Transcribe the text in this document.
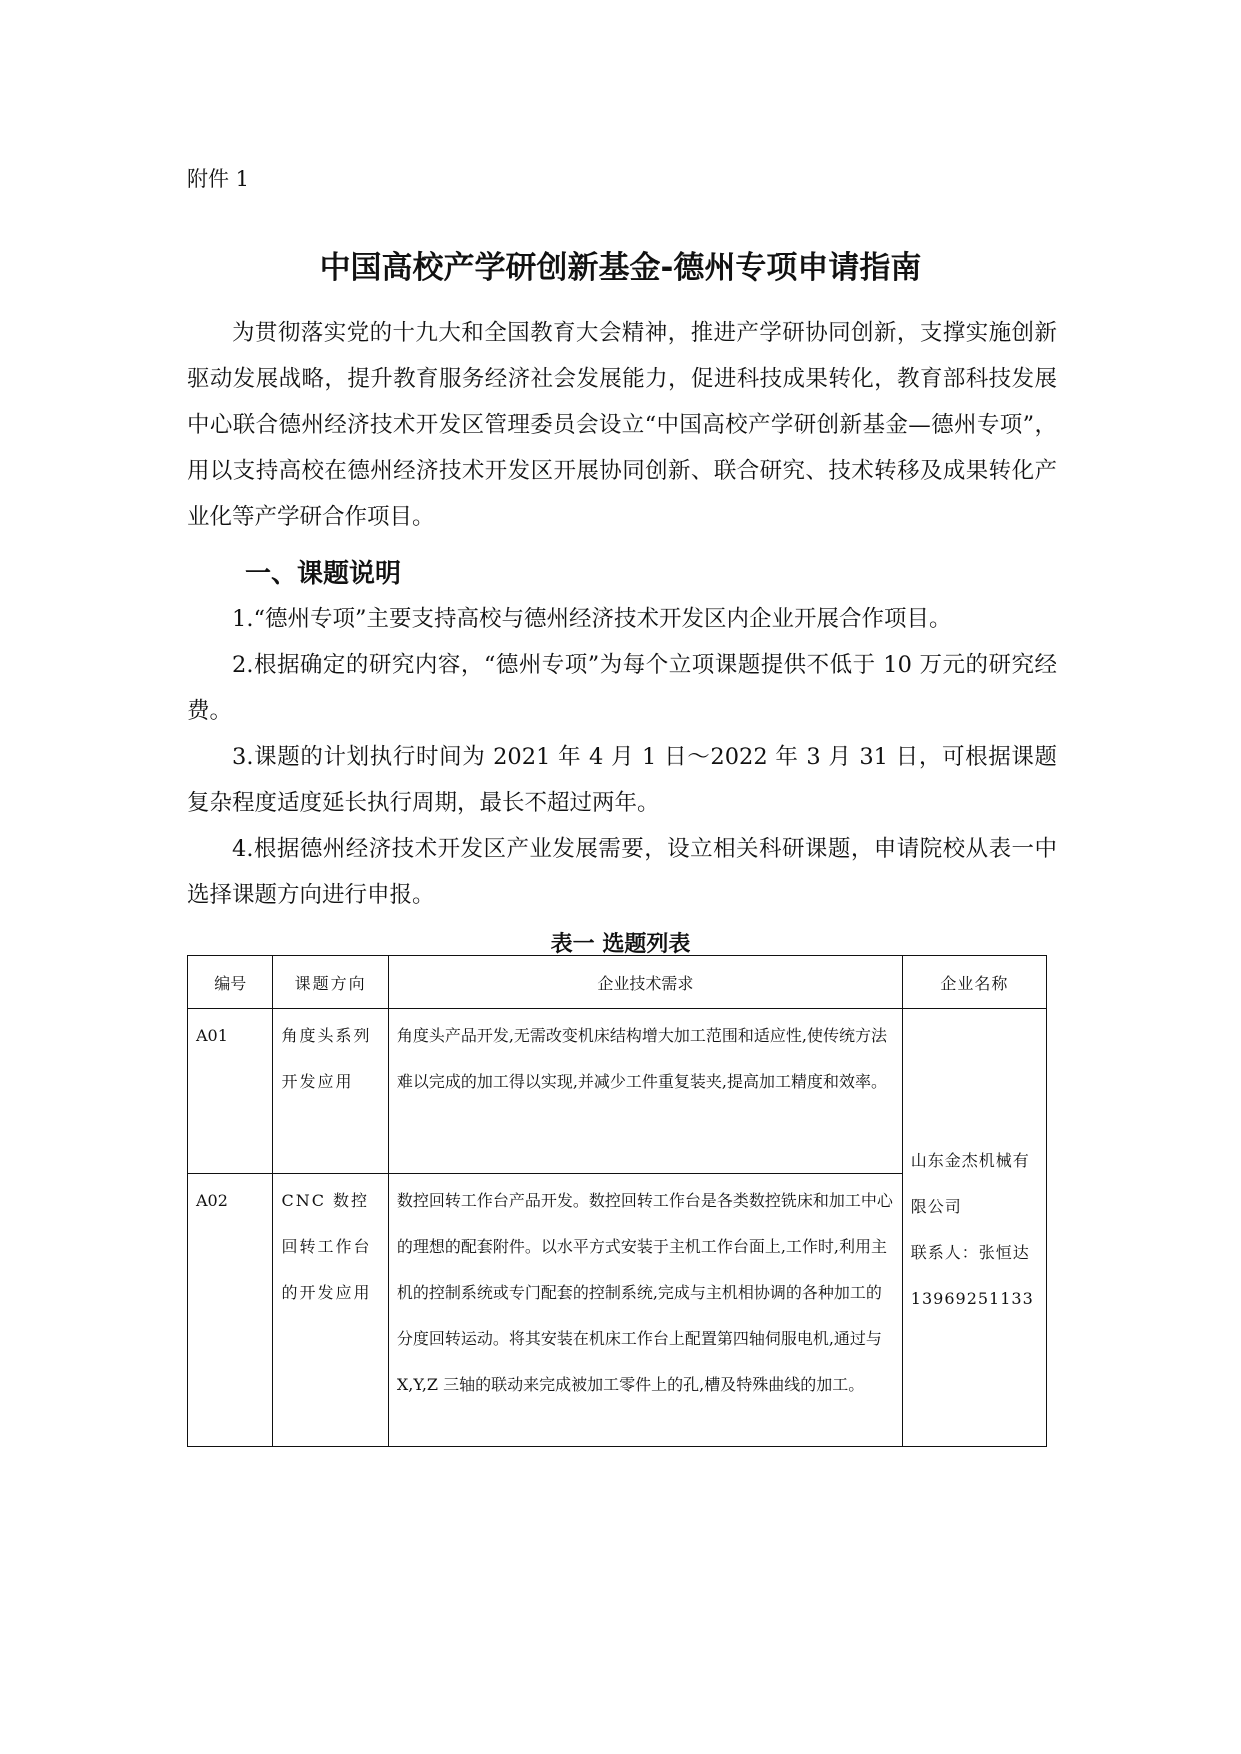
附件 1
中国高校产学研创新基金-德州专项申请指南
为贯彻落实党的十九大和全国教育大会精神，推进产学研协同创新，支撑实施创新驱动发展战略，提升教育服务经济社会发展能力，促进科技成果转化，教育部科技发展中心联合德州经济技术开发区管理委员会设立“中国高校产学研创新基金—德州专项”，用以支持高校在德州经济技术开发区开展协同创新、联合研究、技术转移及成果转化产业化等产学研合作项目。
一、课题说明

1.“德州专项”主要支持高校与德州经济技术开发区内企业开展合作项目。

2.根据确定的研究内容，“德州专项”为每个立项课题提供不低于 10 万元的研究经费。

3.课题的计划执行时间为 2021 年 4 月 1 日～2022 年 3 月 31 日，可根据课题复杂程度适度延长执行周期，最长不超过两年。

4.根据德州经济技术开发区产业发展需要，设立相关科研课题，申请院校从表一中选择课题方向进行申报。

表一 选题列表
编号	课题方向	企业技术需求	企业名称
A01	角度头系列开发应用	角度头产品开发,无需改变机床结构增大加工范围和适应性,使传统方法难以完成的加工得以实现,并减少工件重复装夹,提高加工精度和效率。	山东金杰机械有限公司
联系人：张恒达
13969251133

A02	CNC 数控回转工作台的开发应用	数控回转工作台产品开发。数控回转工作台是各类数控铣床和加工中心的理想的配套附件。以水平方式安装于主机工作台面上,工作时,利用主机的控制系统或专门配套的控制系统,完成与主机相协调的各种加工的分度回转运动。将其安装在机床工作台上配置第四轴伺服电机,通过与 X,Y,Z 三轴的联动来完成被加工零件上的孔,槽及特殊曲线的加工。	
